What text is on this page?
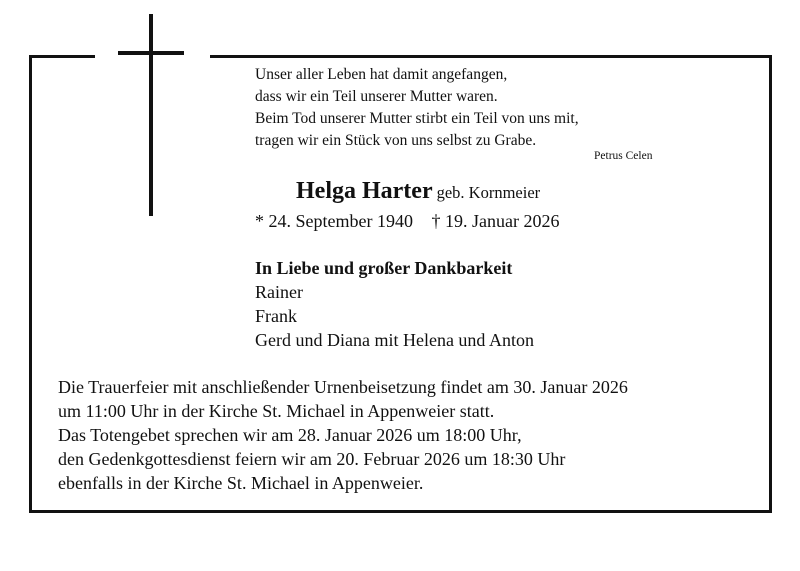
Unser aller Leben hat damit angefangen,
dass wir ein Teil unserer Mutter waren.
Beim Tod unserer Mutter stirbt ein Teil von uns mit,
tragen wir ein Stück von uns selbst zu Grabe.
Petrus Celen
Helga Harter geb. Kornmeier
* 24. September 1940 † 19. Januar 2026
In Liebe und großer Dankbarkeit
Rainer
Frank
Gerd und Diana mit Helena und Anton
Die Trauerfeier mit anschließender Urnenbeisetzung findet am 30. Januar 2026
um 11:00 Uhr in der Kirche St. Michael in Appenweier statt.
Das Totengebet sprechen wir am 28. Januar 2026 um 18:00 Uhr,
den Gedenkgottesdienst feiern wir am 20. Februar 2026 um 18:30 Uhr
ebenfalls in der Kirche St. Michael in Appenweier.
